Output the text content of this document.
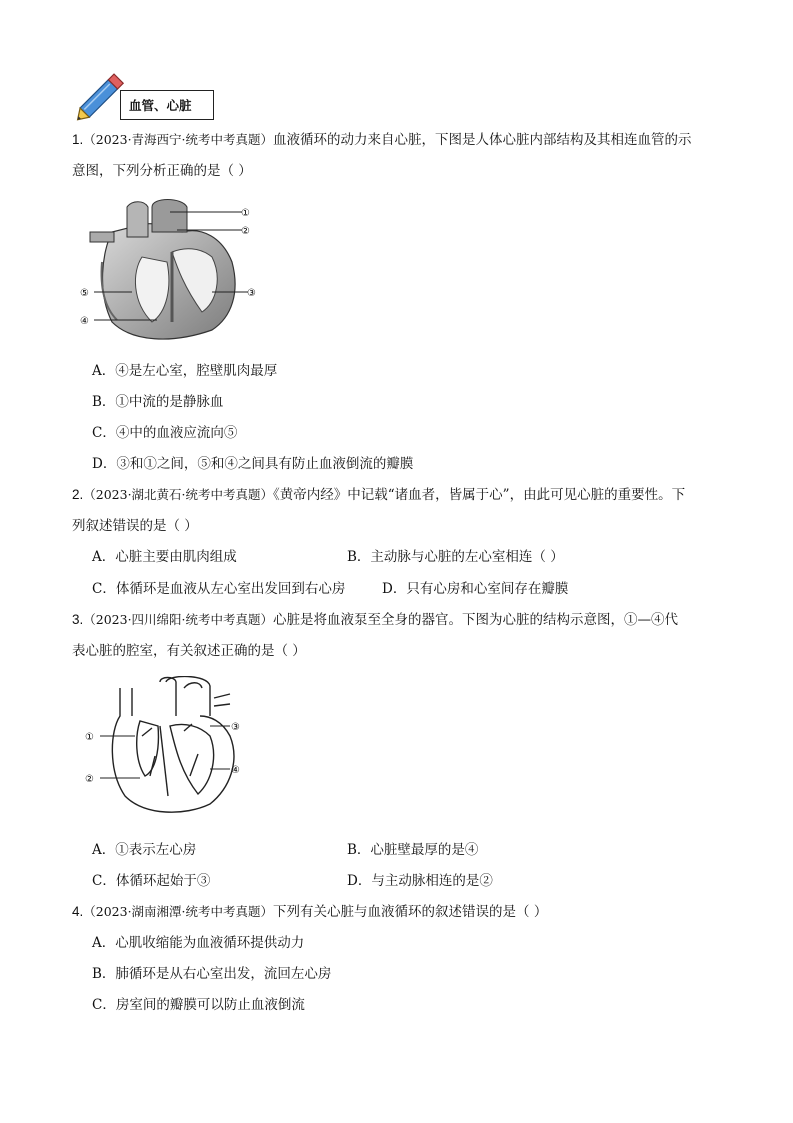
血管、心脏
1.（2023·青海西宁·统考中考真题）血液循环的动力来自心脏，下图是人体心脏内部结构及其相连血管的示
意图，下列分析正确的是（ ）
①
②
③
④
⑤
A．④是左心室，腔壁肌肉最厚
B．①中流的是静脉血
C．④中的血液应流向⑤
D．③和①之间，⑤和④之间具有防止血液倒流的瓣膜
2.（2023·湖北黄石·统考中考真题）《黄帝内经》中记载“诸血者，皆属于心”，由此可见心脏的重要性。下
列叙述错误的是（ ）
A．心脏主要由肌肉组成	B．主动脉与心脏的左心室相连（ ）
C．体循环是血液从左心室出发回到右心房	D．只有心房和心室间存在瓣膜
3.（2023·四川绵阳·统考中考真题）心脏是将血液泵至全身的器官。下图为心脏的结构示意图，①—④代
表心脏的腔室，有关叙述正确的是（ ）
①
②
③
④
A．①表示左心房	B．心脏壁最厚的是④
C．体循环起始于③	D．与主动脉相连的是②
4.（2023·湖南湘潭·统考中考真题）下列有关心脏与血液循环的叙述错误的是（ ）
A．心肌收缩能为血液循环提供动力
B．肺循环是从右心室出发，流回左心房
C．房室间的瓣膜可以防止血液倒流
